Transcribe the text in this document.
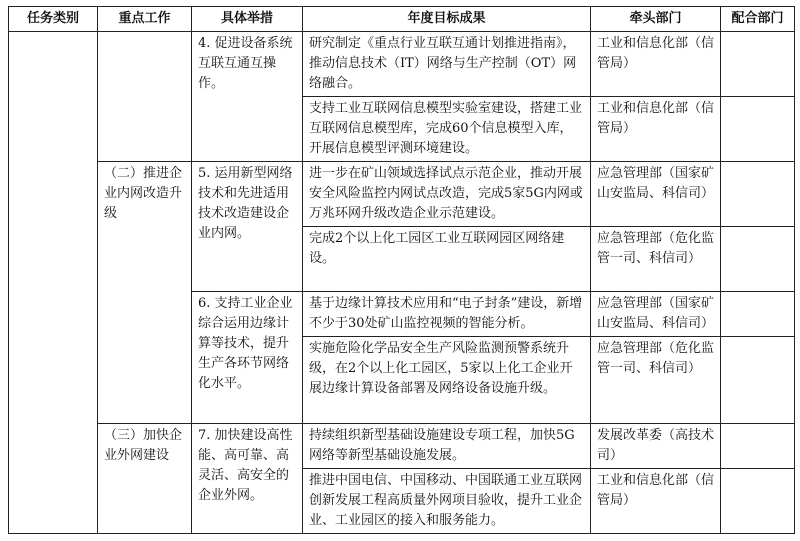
任务类别	重点工作	具体举措	年度目标成果	牵头部门	配合部门
		4. 促进设备系统互联互通互操作。	研究制定《重点行业互联互通计划推进指南》，推动信息技术（IT）网络与生产控制（OT）网络融合。	工业和信息化部（信管局）	
			支持工业互联网信息模型实验室建设，搭建工业互联网信息模型库，完成60个信息模型入库，开展信息模型评测环境建设。	工业和信息化部（信管局）	
	（二）推进企业内网改造升级	5. 运用新型网络技术和先进适用技术改造建设企业内网。	进一步在矿山领域选择试点示范企业，推动开展安全风险监控内网试点改造，完成5家5G内网或万兆环网升级改造企业示范建设。	应急管理部（国家矿山安监局、科信司）	
			完成2个以上化工园区工业互联网园区网络建设。	应急管理部（危化监管一司、科信司）	
		6. 支持工业企业综合运用边缘计算等技术，提升生产各环节网络化水平。	基于边缘计算技术应用和“电子封条”建设，新增不少于30处矿山监控视频的智能分析。	应急管理部（国家矿山安监局、科信司）	
			实施危险化学品安全生产风险监测预警系统升级，在2个以上化工园区，5家以上化工企业开展边缘计算设备部署及网络设备设施升级。	应急管理部（危化监管一司、科信司）	
	（三）加快企业外网建设	7. 加快建设高性能、高可靠、高灵活、高安全的企业外网。	持续组织新型基础设施建设专项工程，加快5G网络等新型基础设施发展。	发展改革委（高技术司）	
			推进中国电信、中国移动、中国联通工业互联网创新发展工程高质量外网项目验收，提升工业企业、工业园区的接入和服务能力。	工业和信息化部（信管局）	
